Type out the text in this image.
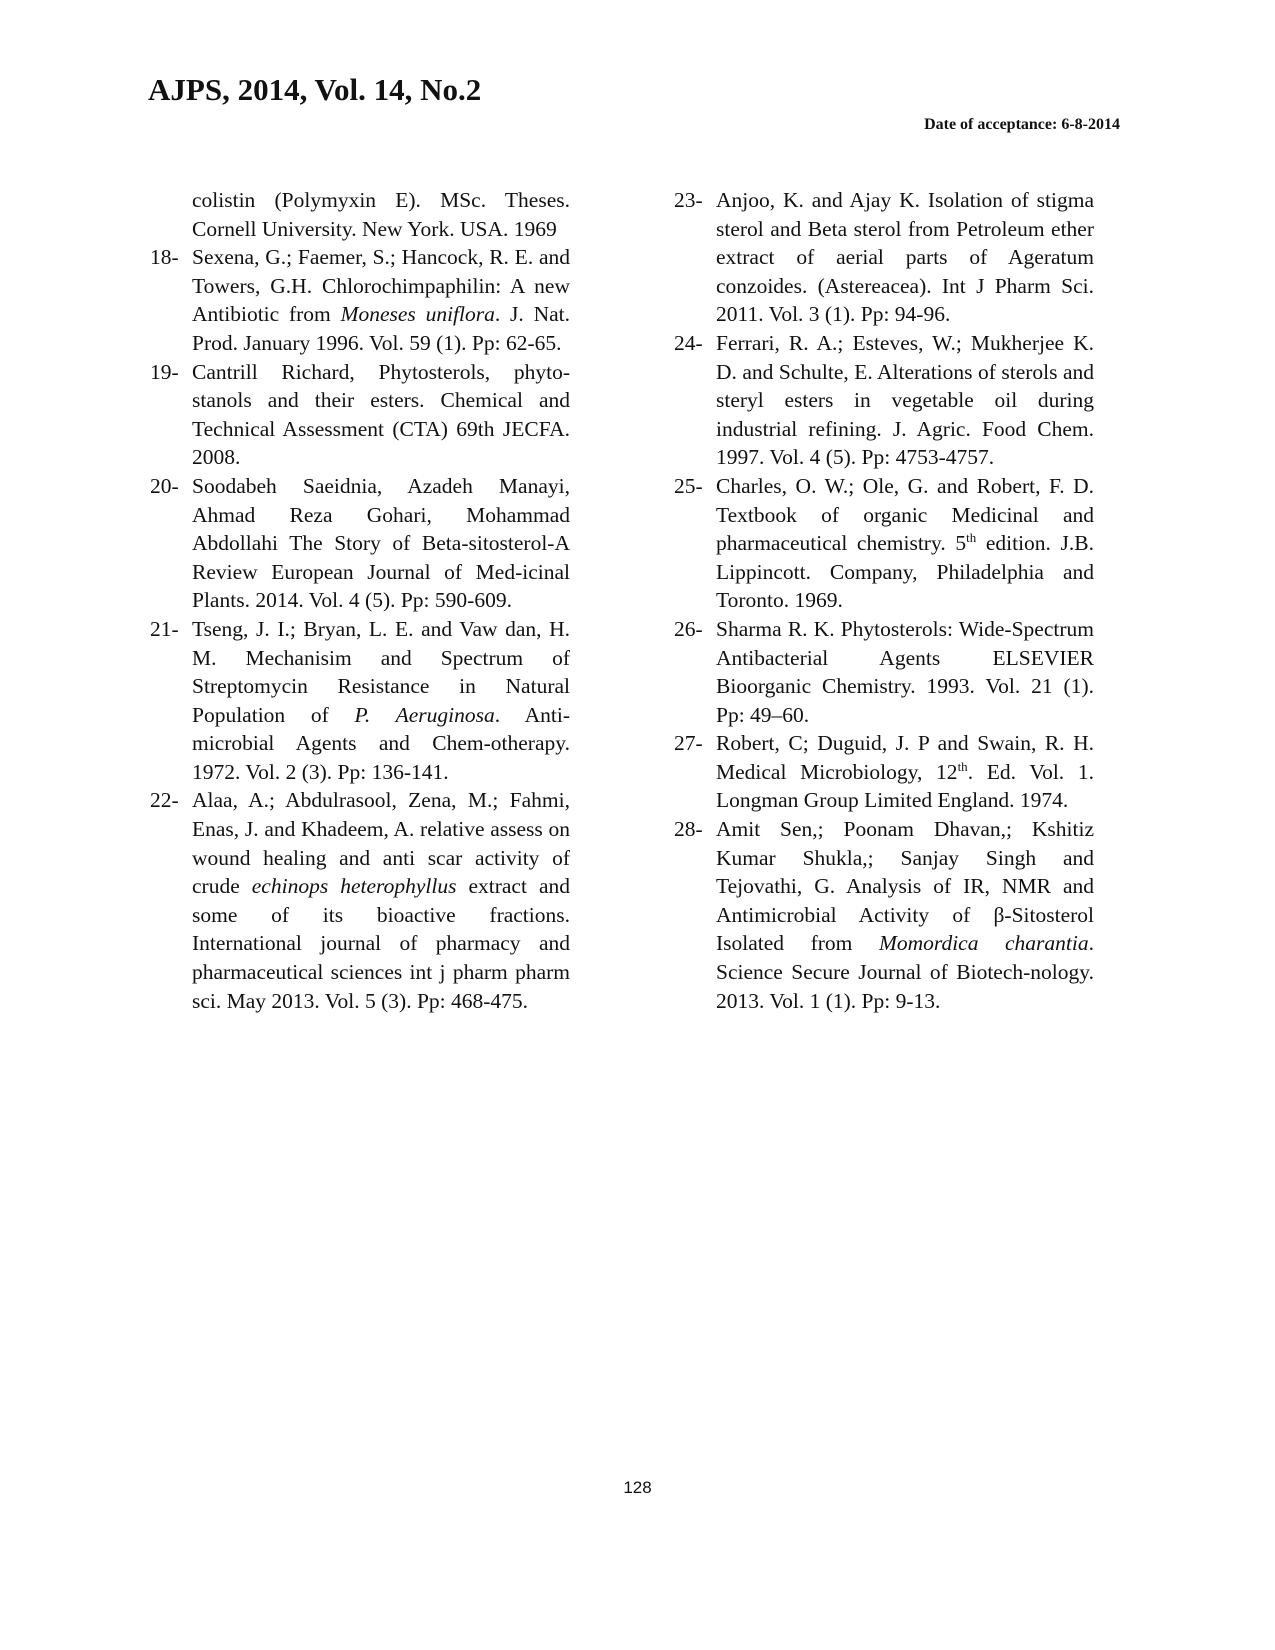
AJPS, 2014, Vol. 14, No.2
Date of acceptance: 6-8-2014
colistin (Polymyxin E). MSc. Theses. Cornell University. New York. USA. 1969
18- Sexena, G.; Faemer, S.; Hancock, R. E. and Towers, G.H. Chlorochimpaphilin: A new Antibiotic from Moneses uniflora. J. Nat. Prod. January 1996. Vol. 59 (1). Pp: 62-65.
19- Cantrill Richard, Phytosterols, phyto-stanols and their esters. Chemical and Technical Assessment (CTA) 69th JECFA. 2008.
20- Soodabeh Saeidnia, Azadeh Manayi, Ahmad Reza Gohari, Mohammad Abdollahi The Story of Beta-sitosterol-A Review European Journal of Med-icinal Plants. 2014. Vol. 4 (5). Pp: 590-609.
21- Tseng, J. I.; Bryan, L. E. and Vaw dan, H. M. Mechanisim and Spectrum of Streptomycin Resistance in Natural Population of P. Aeruginosa. Anti-microbial Agents and Chem-otherapy. 1972. Vol. 2 (3). Pp: 136-141.
22- Alaa, A.; Abdulrasool, Zena, M.; Fahmi, Enas, J. and Khadeem, A. relative assess on wound healing and anti scar activity of crude echinops heterophyllus extract and some of its bioactive fractions. International journal of pharmacy and pharmaceutical sciences int j pharm pharm sci. May 2013. Vol. 5 (3). Pp: 468-475.
23- Anjoo, K. and Ajay K. Isolation of stigma sterol and Beta sterol from Petroleum ether extract of aerial parts of Ageratum conzoides. (Astereacea). Int J Pharm Sci. 2011. Vol. 3 (1). Pp: 94-96.
24- Ferrari, R. A.; Esteves, W.; Mukherjee K. D. and Schulte, E. Alterations of sterols and steryl esters in vegetable oil during industrial refining. J. Agric. Food Chem. 1997. Vol. 4 (5). Pp: 4753-4757.
25- Charles, O. W.; Ole, G. and Robert, F. D. Textbook of organic Medicinal and pharmaceutical chemistry. 5th edition. J.B. Lippincott. Company, Philadelphia and Toronto. 1969.
26- Sharma R. K. Phytosterols: Wide-Spectrum Antibacterial Agents ELSEVIER Bioorganic Chemistry. 1993. Vol. 21 (1). Pp: 49–60.
27- Robert, C; Duguid, J. P and Swain, R. H. Medical Microbiology, 12th. Ed. Vol. 1. Longman Group Limited England. 1974.
28- Amit Sen,; Poonam Dhavan,; Kshitiz Kumar Shukla,; Sanjay Singh and Tejovathi, G. Analysis of IR, NMR and Antimicrobial Activity of β-Sitosterol Isolated from Momordica charantia. Science Secure Journal of Biotech-nology. 2013. Vol. 1 (1). Pp: 9-13.
128
